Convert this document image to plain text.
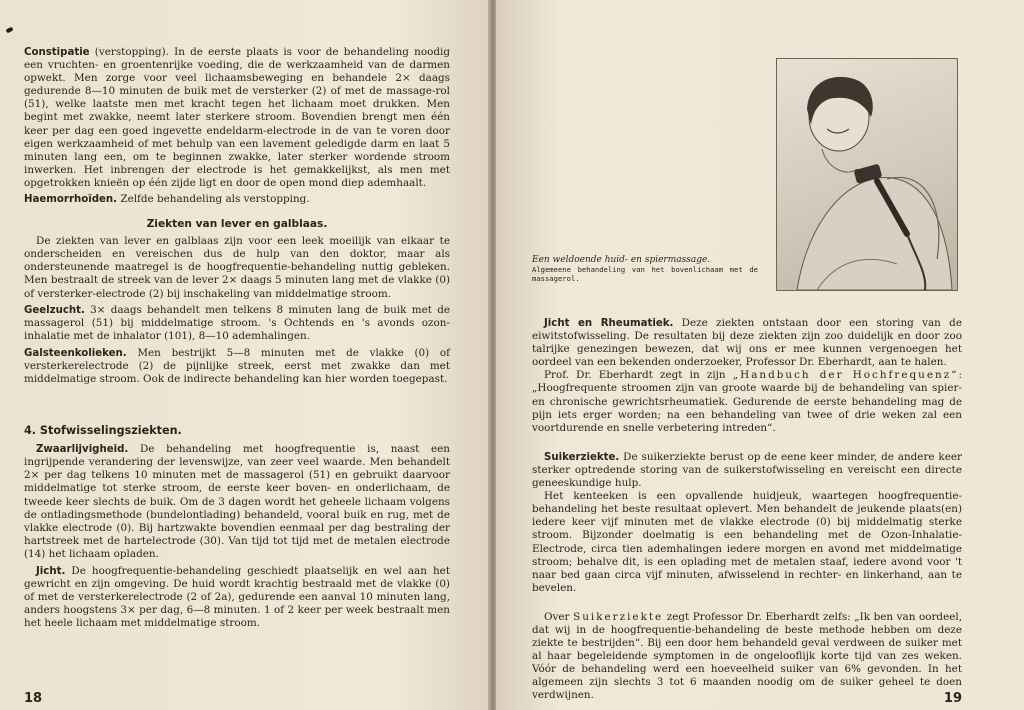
Constipatie (verstopping). In de eerste plaats is voor de behandeling noodig een vruchten- en groentenrijke voeding, die de werkzaamheid van de darmen opwekt. Men zorge voor veel lichaamsbeweging en behandele 2× daags gedurende 8—10 minuten de buik met de versterker (2) of met de massage-rol (51), welke laatste men met kracht tegen het lichaam moet drukken. Men begint met zwakke, neemt later sterkere stroom. Bovendien brengt men één keer per dag een goed ingevette endeldarm-electrode in de van te voren door eigen werkzaamheid of met behulp van een lavement geledigde darm en laat 5 minuten lang een, om te beginnen zwakke, later sterker wordende stroom inwerken. Het inbrengen der electrode is het gemakkelijkst, als men met opgetrokken knieën op één zijde ligt en door de open mond diep ademhaalt.

Haemorrhoïden. Zelfde behandeling als verstopping.

Ziekten van lever en galblaas.

De ziekten van lever en galblaas zijn voor een leek moeilijk van elkaar te onderscheiden en vereischen dus de hulp van den doktor, maar als ondersteunende maatregel is de hoogfrequentie-behandeling nuttig gebleken. Men bestraalt de streek van de lever 2× daags 5 minuten lang met de vlakke (0) of versterker-electrode (2) bij inschakeling van middelmatige stroom.

Geelzucht. 3× daags behandelt men telkens 8 minuten lang de buik met de massagerol (51) bij middelmatige stroom. 's Ochtends en 's avonds ozon-inhalatie met de inhalator (101), 8—10 ademhalingen.

Galsteenkolieken. Men bestrijkt 5—8 minuten met de vlakke (0) of versterkerelectrode (2) de pijnlijke streek, eerst met zwakke dan met middelmatige stroom. Ook de indirecte behandeling kan hier worden toegepast.

4. Stofwisselingsziekten.

Zwaarlijvigheid. De behandeling met hoogfrequentie is, naast een ingrijpende verandering der levenswijze, van zeer veel waarde. Men behandelt 2× per dag telkens 10 minuten met de massagerol (51) en gebruikt daarvoor middelmatige tot sterke stroom, de eerste keer boven- en onderlichaam, de tweede keer slechts de buik. Om de 3 dagen wordt het geheele lichaam volgens de ontladingsmethode (bundelontlading) behandeld, vooral buik en rug, met de vlakke electrode (0). Bij hartzwakte bovendien eenmaal per dag bestraling der hartstreek met de hartelectrode (30). Van tijd tot tijd met de metalen electrode (14) het lichaam opladen.

Jicht. De hoogfrequentie-behandeling geschiedt plaatselijk en wel aan het gewricht en zijn omgeving. De huid wordt krachtig bestraald met de vlakke (0) of met de versterkerelectrode (2 of 2a), gedurende een aanval 10 minuten lang, anders hoogstens 3× per dag, 6—8 minuten. 1 of 2 keer per week bestraalt men het heele lichaam met middelmatige stroom.

18

Een weldoende huid- en spiermassage.

Algemeene behandeling van het bovenlichaam met de massagerol.

Jicht en Rheumatiek. Deze ziekten ontstaan door een storing van de eiwitstofwisseling. De resultaten bij deze ziekten zijn zoo duidelijk en door zoo talrijke genezingen bewezen, dat wij ons er mee kunnen vergenoegen het oordeel van een bekenden onderzoeker, Professor Dr. Eberhardt, aan te halen.

Prof. Dr. Eberhardt zegt in zijn „Handbuch der Hochfrequenz“: „Hoogfrequente stroomen zijn van groote waarde bij de behandeling van spier- en chronische gewrichtsrheumatiek. Gedurende de eerste behandeling mag de pijn iets erger worden; na een behandeling van twee of drie weken zal een voortdurende en snelle verbetering intreden“.

Suikerziekte. De suikerziekte berust op de eene keer minder, de andere keer sterker optredende storing van de suikerstofwisseling en vereischt een directe geneeskundige hulp.

Het kenteeken is een opvallende huidjeuk, waartegen hoogfrequentie-behandeling het beste resultaat oplevert. Men behandelt de jeukende plaats(en) iedere keer vijf minuten met de vlakke electrode (0) bij middelmatig sterke stroom. Bijzonder doelmatig is een behandeling met de Ozon-Inhalatie-Electrode, circa tien ademhalingen iedere morgen en avond met middelmatige stroom; behalve dit, is een oplading met de metalen staaf, iedere avond voor 't naar bed gaan circa vijf minuten, afwisselend in rechter- en linkerhand, aan te bevelen.

Over Suikerziekte zegt Professor Dr. Eberhardt zelfs: „Ik ben van oordeel, dat wij in de hoogfrequentie-behandeling de beste methode hebben om deze ziekte te bestrijden“. Bij een door hem behandeld geval verdween de suiker met al haar begeleidende symptomen in de ongelooflijk korte tijd van zes weken. Vóór de behandeling werd een hoeveelheid suiker van 6% gevonden. In het algemeen zijn slechts 3 tot 6 maanden noodig om de suiker geheel te doen verdwijnen.	19
